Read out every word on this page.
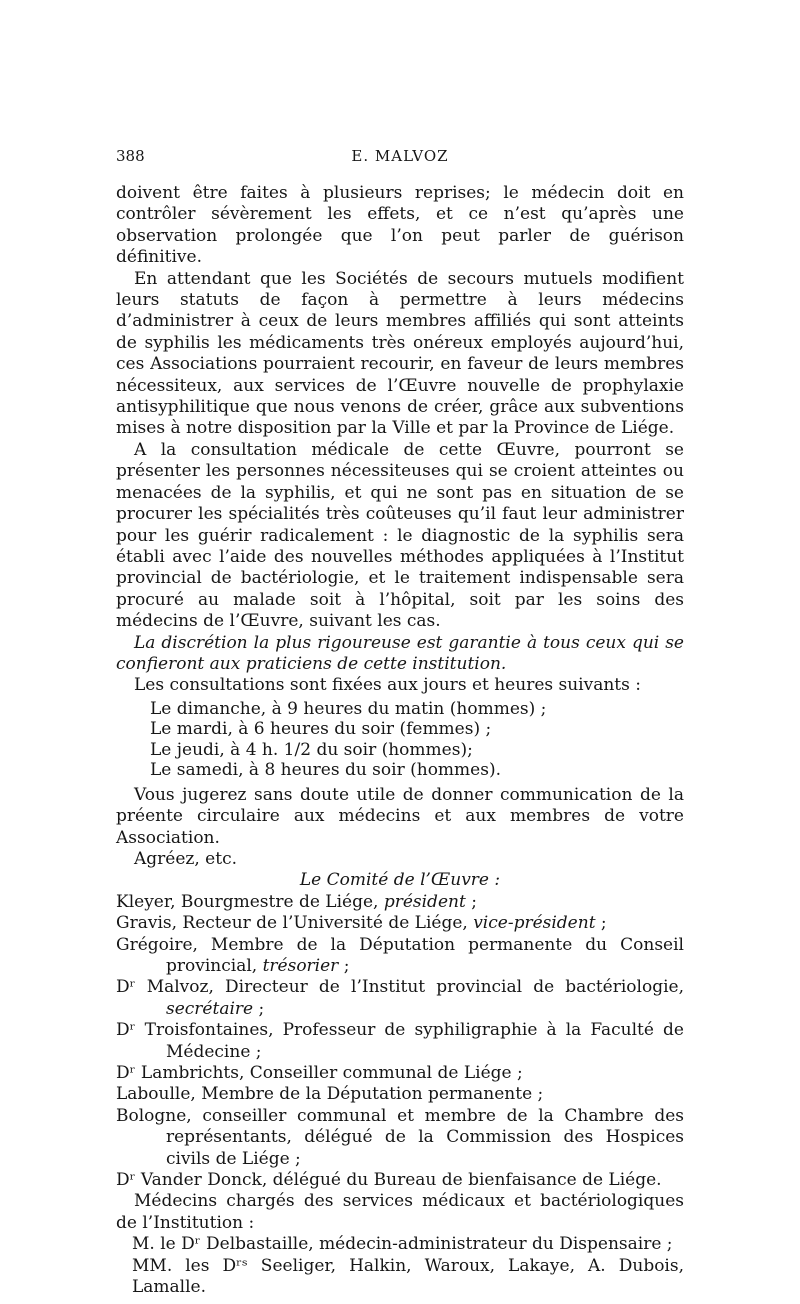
388	E. MALVOZ

doivent être faites à plusieurs reprises; le médecin doit en contrôler sévèrement les effets, et ce n’est qu’après une observation prolongée que l’on peut parler de guérison définitive.

En attendant que les Sociétés de secours mutuels modifient leurs statuts de façon à permettre à leurs médecins d’administrer à ceux de leurs membres affiliés qui sont atteints de syphilis les médicaments très onéreux employés aujourd’hui, ces Associations pourraient recourir, en faveur de leurs membres nécessiteux, aux services de l’Œuvre nouvelle de prophylaxie antisyphilitique que nous venons de créer, grâce aux subventions mises à notre disposition par la Ville et par la Province de Liége.

A la consultation médicale de cette Œuvre, pourront se présenter les personnes nécessiteuses qui se croient atteintes ou menacées de la syphilis, et qui ne sont pas en situation de se procurer les spécialités très coûteuses qu’il faut leur administrer pour les guérir radicalement : le diagnostic de la syphilis sera établi avec l’aide des nouvelles méthodes appliquées à l’Institut provincial de bactériologie, et le traitement indispensable sera procuré au malade soit à l’hôpital, soit par les soins des médecins de l’Œuvre, suivant les cas.

La discrétion la plus rigoureuse est garantie à tous ceux qui se confieront aux praticiens de cette institution.

Les consultations sont fixées aux jours et heures suivants :

Le dimanche, à 9 heures du matin (hommes) ;
Le mardi, à 6 heures du soir (femmes) ;
Le jeudi, à 4 h. 1/2 du soir (hommes);
Le samedi, à 8 heures du soir (hommes).

Vous jugerez sans doute utile de donner communication de la préente circulaire aux médecins et aux membres de votre Association.

Agréez, etc.

Le Comité de l’Œuvre :

Kleyer, Bourgmestre de Liége, président ;

Gravis, Recteur de l’Université de Liége, vice-président ;

Grégoire, Membre de la Députation permanente du Conseil provincial, trésorier ;

Dʳ Malvoz, Directeur de l’Institut provincial de bactériologie, secrétaire ;

Dʳ Troisfontaines, Professeur de syphiligraphie à la Faculté de Médecine ;

Dʳ Lambrichts, Conseiller communal de Liége ;

Laboulle, Membre de la Députation permanente ;

Bologne, conseiller communal et membre de la Chambre des représentants, délégué de la Commission des Hospices civils de Liége ;

Dʳ Vander Donck, délégué du Bureau de bienfaisance de Liége.

Médecins chargés des services médicaux et bactériologiques de l’Institution :

M. le Dʳ Delbastaille, médecin-administrateur du Dispensaire ;

MM. les Dʳˢ Seeliger, Halkin, Waroux, Lakaye, A. Dubois, Lamalle.
